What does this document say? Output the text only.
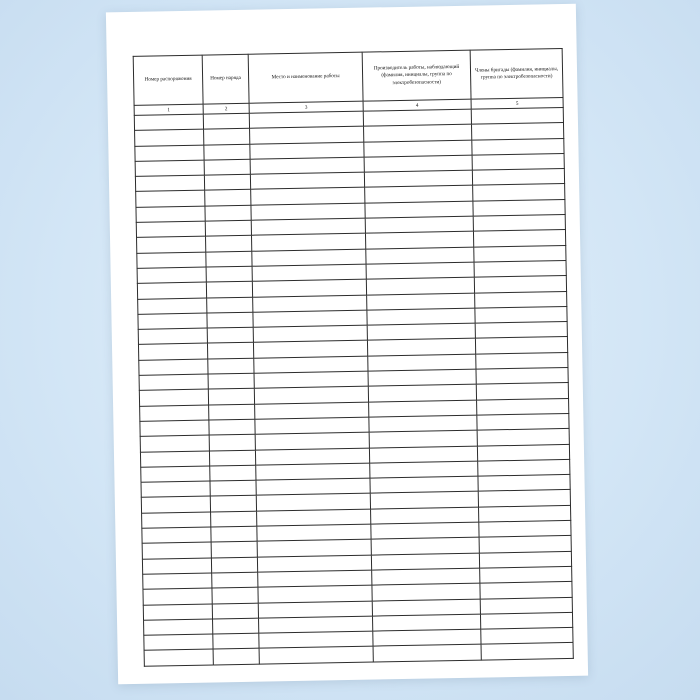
Номер распоряжения	Номер наряда	Место и наименование работы	Производитель работы, наблюдающий (фамилия, инициалы, группа по электробезопасности)	Члены бригады (фамилия, инициалы, группа по электробезопасности)
1	2	3	4	5
